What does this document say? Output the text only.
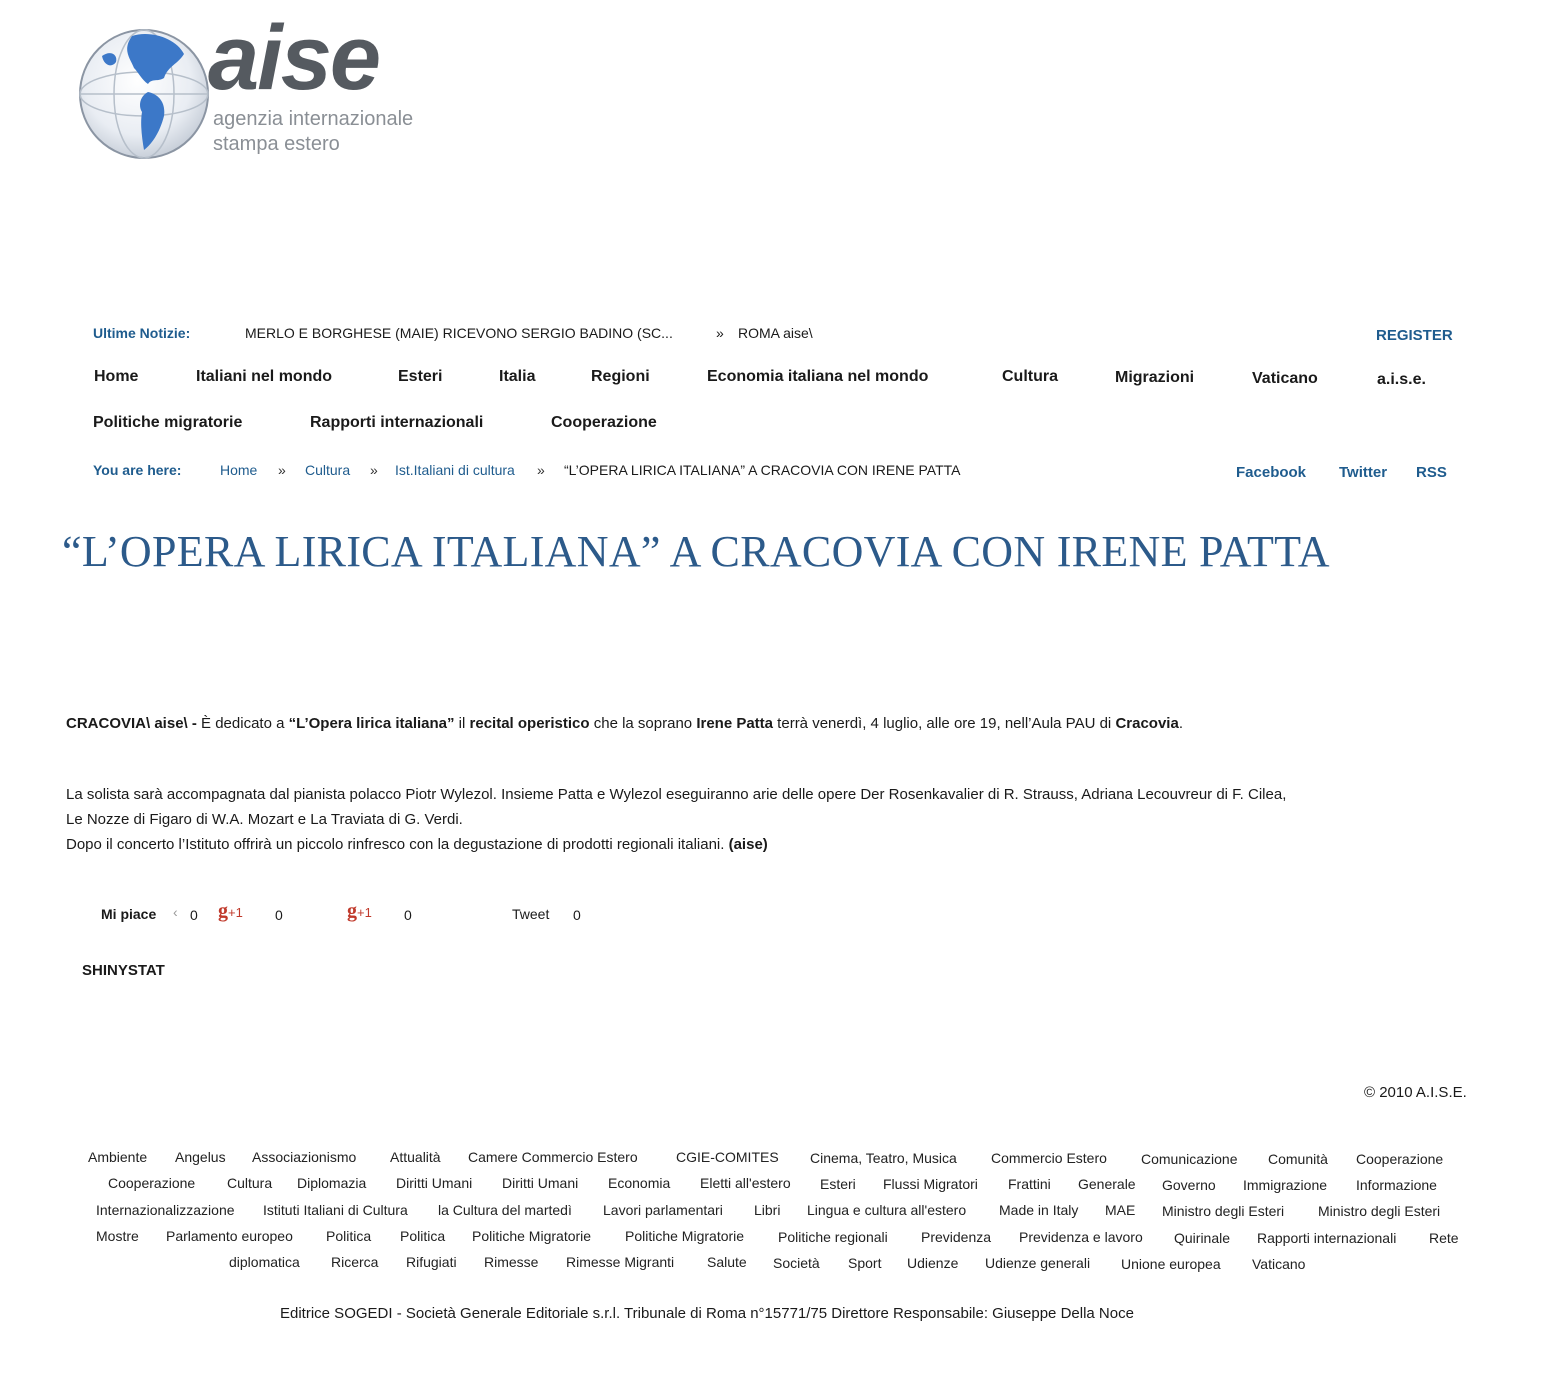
aise
agenzia internazionale
stampa estero
Ultime Notizie:	MERLO E BORGHESE (MAIE) RICEVONO SERGIO BADINO (SC...	» ROMA aise\	REGISTER
Home	Italiani nel mondo	Esteri	Italia	Regioni	Economia italiana nel mondo	Cultura	Migrazioni	Vaticano	a.i.s.e.
Politiche migratorie	Rapporti internazionali	Cooperazione
You are here:	Home » Cultura » Ist.Italiani di cultura » “L’OPERA LIRICA ITALIANA” A CRACOVIA CON IRENE PATTA	Facebook Twitter RSS
“L’OPERA LIRICA ITALIANA” A CRACOVIA CON IRENE PATTA
CRACOVIA\ aise\ - È dedicato a “L’Opera lirica italiana” il recital operistico che la soprano Irene Patta terrà venerdì, 4 luglio, alle ore 19, nell’Aula PAU di Cracovia.
La solista sarà accompagnata dal pianista polacco Piotr Wylezol. Insieme Patta e Wylezol eseguiranno arie delle opere Der Rosenkavalier di R. Strauss, Adriana Lecouvreur di F. Cilea,
Le Nozze di Figaro di W.A. Mozart e La Traviata di G. Verdi.
Dopo il concerto l’Istituto offrirà un piccolo rinfresco con la degustazione di prodotti regionali italiani. (aise)
Mi piace ‹ 0 g+1 0	g+1 0	Tweet 0
SHINYSTAT
© 2010 A.I.S.E.
Ambiente Angelus Associazionismo Attualità Camere Commercio Estero	CGIE-COMITES Cinema, Teatro, Musica Commercio Estero Comunicazione Comunità Cooperazione
Cooperazione Cultura Diplomazia Diritti Umani Diritti Umani Economia Eletti all'estero Esteri Flussi Migratori Frattini Generale Governo Immigrazione Informazione
Internazionalizzazione Istituti Italiani di Cultura la Cultura del martedì Lavori parlamentari Libri Lingua e cultura all'estero Made in Italy MAE Ministro degli Esteri Ministro degli Esteri
Mostre Parlamento europeo Politica Politica Politiche Migratorie Politiche Migratorie Politiche regionali Previdenza Previdenza e lavoro Quirinale Rapporti internazionali Rete
diplomatica Ricerca Rifugiati Rimesse Rimesse Migranti Salute Società Sport Udienze Udienze generali Unione europea Vaticano
Editrice SOGEDI - Società Generale Editoriale s.r.l. Tribunale di Roma n°15771/75 Direttore Responsabile: Giuseppe Della Noce
